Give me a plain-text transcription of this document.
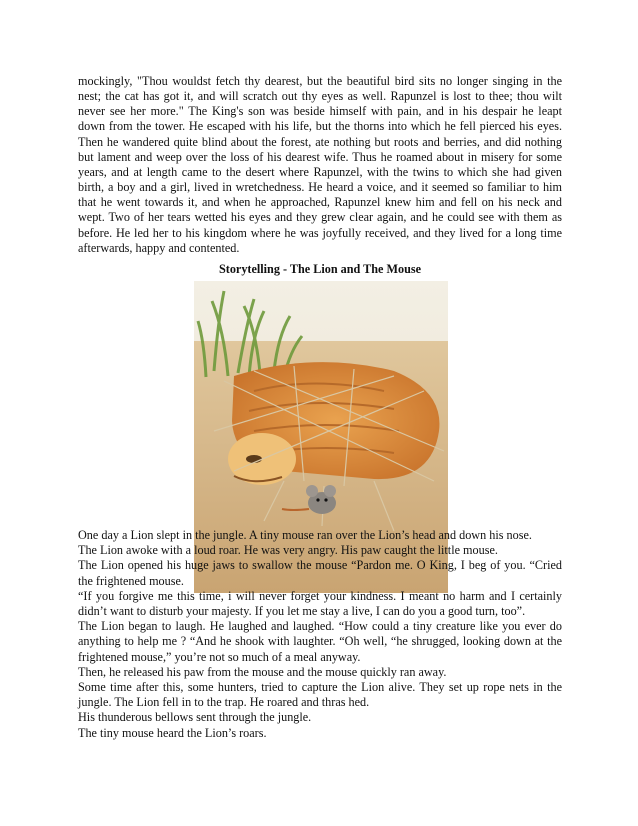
mockingly, "Thou wouldst fetch thy dearest, but the beautiful bird sits no longer singing in the nest; the cat has got it, and will scratch out thy eyes as well. Rapunzel is lost to thee; thou wilt never see her more." The King's son was beside himself with pain, and in his despair he leapt down from the tower. He escaped with his life, but the thorns into which he fell pierced his eyes. Then he wandered quite blind about the forest, ate nothing but roots and berries, and did nothing but lament and weep over the loss of his dearest wife. Thus he roamed about in misery for some years, and at length came to the desert where Rapunzel, with the twins to which she had given birth, a boy and a girl, lived in wretchedness. He heard a voice, and it seemed so familiar to him that he went towards it, and when he approached, Rapunzel knew him and fell on his neck and wept. Two of her tears wetted his eyes and they grew clear again, and he could see with them as before. He led her to his kingdom where he was joyfully received, and they lived for a long time afterwards, happy and contented.

Storytelling - The Lion and The Mouse

One day a Lion slept in the jungle. A tiny mouse ran over the Lion’s head and down his nose.

The Lion awoke with a loud roar. He was very angry. His paw caught the little mouse.

The Lion opened his huge jaws to swallow the mouse “Pardon me. O King, I beg of you. “Cried the frightened mouse.

“If you forgive me this time, i will never forget your kindness. I meant no harm and I certainly didn’t want to disturb your majesty. If you let me stay a live, I can do you a good turn, too”.

The Lion began to laugh. He laughed and laughed. “How could a tiny creature like you ever do anything to help me ? “And he shook with laughter. “Oh well, “he shrugged, looking down at the frightened mouse,” you’re not so much of a meal anyway.

Then, he released his paw from the mouse and the mouse quickly ran away.

Some time after this, some hunters, tried to capture the Lion alive. They set up rope nets in the jungle. The Lion fell in to the trap. He roared and thras hed.

His thunderous bellows sent through the jungle.

The tiny mouse heard the Lion’s roars.
